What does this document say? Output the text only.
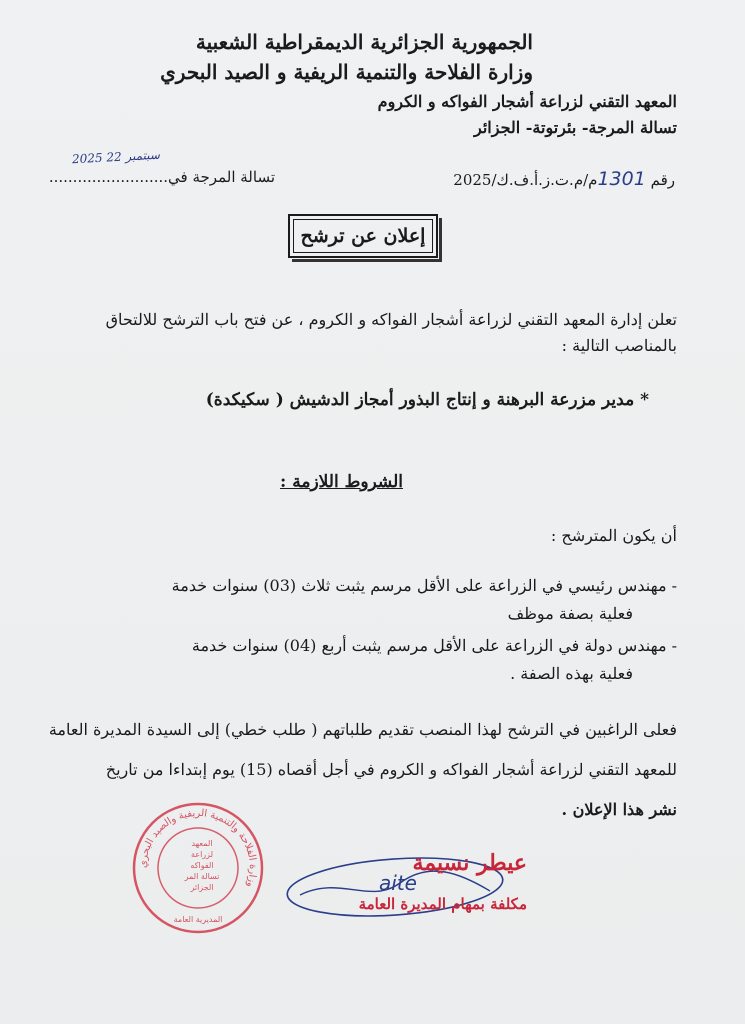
الجمهورية الجزائرية الديمقراطية الشعبية
وزارة الفلاحة والتنمية الريفية و الصيد البحري
المعهد التقني لزراعة أشجار الفواكه و الكروم
تسالة المرجة- بئرتوتة- الجزائر
رقم 1301م/م.ت.ز.أ.ف.ك/2025
تسالة المرجة في.........................
2025 سبتمبر 22
إعلان عن ترشح
تعلن إدارة المعهد التقني لزراعة أشجار الفواكه و الكروم ، عن فتح باب الترشح للالتحاق
بالمناصب التالية :
* مدير مزرعة البرهنة و إنتاج البذور أمجاز الدشيش ( سكيكدة)
الشروط اللازمة :
أن يكون المترشح :
- مهندس رئيسي في الزراعة على الأقل مرسم يثبت ثلاث (03) سنوات خدمة
فعلية بصفة موظف
- مهندس دولة في الزراعة على الأقل مرسم يثبت أربع (04) سنوات خدمة
فعلية بهذه الصفة .
فعلى الراغبين في الترشح لهذا المنصب تقديم طلباتهم ( طلب خطي) إلى السيدة المديرة العامة
للمعهد التقني لزراعة أشجار الفواكه و الكروم في أجل أقصاه (15) يوم إبتداءا من تاريخ
نشر هذا الإعلان .
وزارة الفلاحة والتنمية الريفية والصيد البحري
المعهد
لزراعة
الفواكه
تسالة المر
الجزائر
المديرية العامة
aite
عيطر نسيمة
مكلفة بمهام المديرة العامة
